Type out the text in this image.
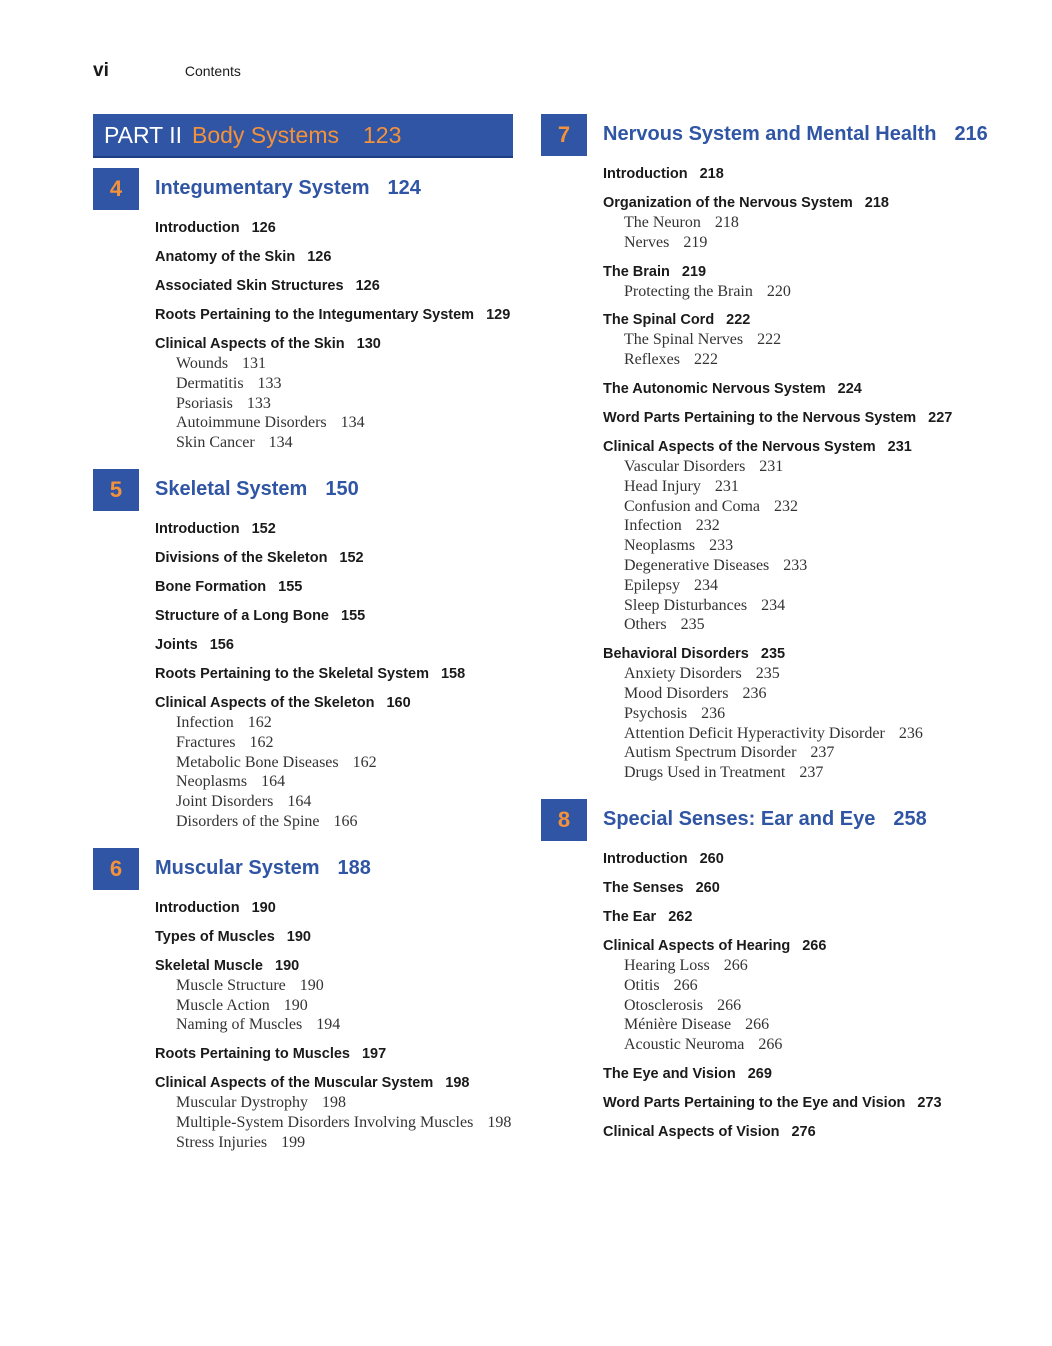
vi	Contents
PART II Body Systems 123
4	Integumentary System 124
Introduction 126
Anatomy of the Skin 126
Associated Skin Structures 126
Roots Pertaining to the Integumentary System 129
Clinical Aspects of the Skin 130
Wounds 131
Dermatitis 133
Psoriasis 133
Autoimmune Disorders 134
Skin Cancer 134
5	Skeletal System 150
Introduction 152
Divisions of the Skeleton 152
Bone Formation 155
Structure of a Long Bone 155
Joints 156
Roots Pertaining to the Skeletal System 158
Clinical Aspects of the Skeleton 160
Infection 162
Fractures 162
Metabolic Bone Diseases 162
Neoplasms 164
Joint Disorders 164
Disorders of the Spine 166
6	Muscular System 188
Introduction 190
Types of Muscles 190
Skeletal Muscle 190
Muscle Structure 190
Muscle Action 190
Naming of Muscles 194
Roots Pertaining to Muscles 197
Clinical Aspects of the Muscular System 198
Muscular Dystrophy 198
Multiple-System Disorders Involving Muscles 198
Stress Injuries 199
7	Nervous System and Mental Health 216
Introduction 218
Organization of the Nervous System 218
The Neuron 218
Nerves 219
The Brain 219
Protecting the Brain 220
The Spinal Cord 222
The Spinal Nerves 222
Reflexes 222
The Autonomic Nervous System 224
Word Parts Pertaining to the Nervous System 227
Clinical Aspects of the Nervous System 231
Vascular Disorders 231
Head Injury 231
Confusion and Coma 232
Infection 232
Neoplasms 233
Degenerative Diseases 233
Epilepsy 234
Sleep Disturbances 234
Others 235
Behavioral Disorders 235
Anxiety Disorders 235
Mood Disorders 236
Psychosis 236
Attention Deficit Hyperactivity Disorder 236
Autism Spectrum Disorder 237
Drugs Used in Treatment 237
8	Special Senses: Ear and Eye 258
Introduction 260
The Senses 260
The Ear 262
Clinical Aspects of Hearing 266
Hearing Loss 266
Otitis 266
Otosclerosis 266
Ménière Disease 266
Acoustic Neuroma 266
The Eye and Vision 269
Word Parts Pertaining to the Eye and Vision 273
Clinical Aspects of Vision 276
